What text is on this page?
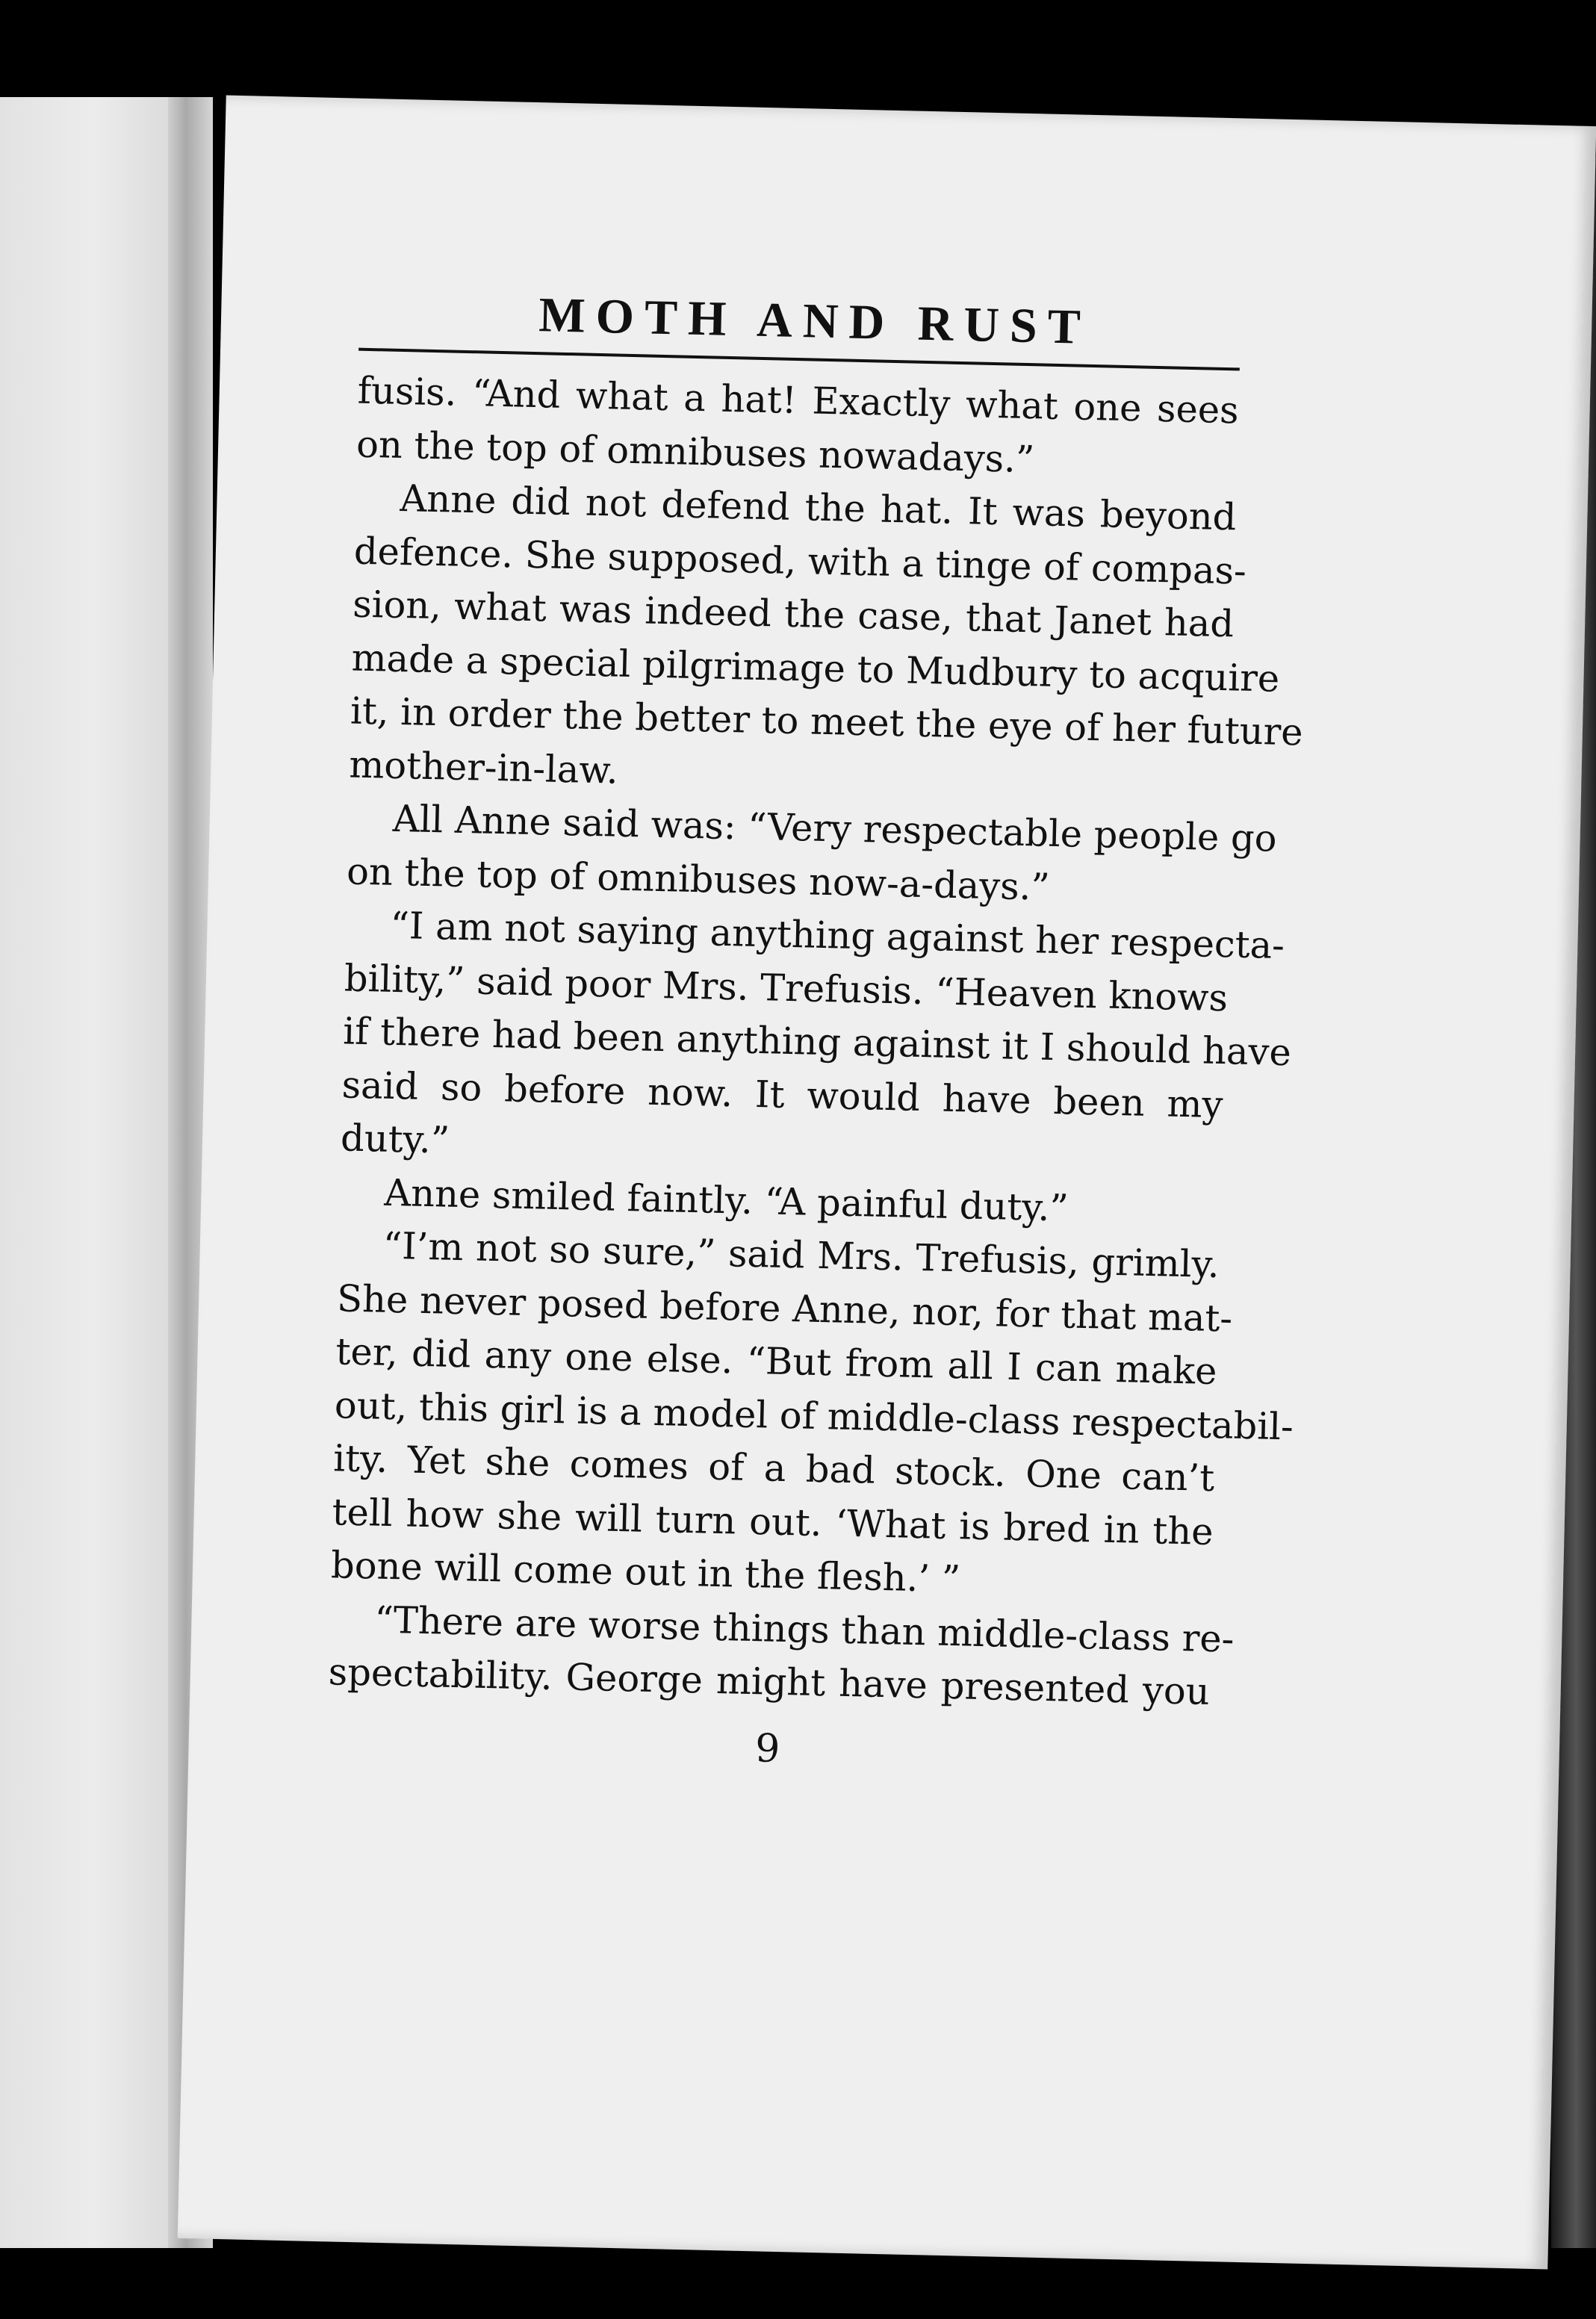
MOTH AND RUST
fusis. “And what a hat! Exactly what one sees
on the top of omnibuses nowadays.”
Anne did not defend the hat. It was beyond
defence. She supposed, with a tinge of compas-
sion, what was indeed the case, that Janet had
made a special pilgrimage to Mudbury to acquire
it, in order the better to meet the eye of her future
mother-in-law.
All Anne said was: “Very respectable people go
on the top of omnibuses now-a-days.”
“I am not saying anything against her respecta-
bility,” said poor Mrs. Trefusis. “Heaven knows
if there had been anything against it I should have
said so before now. It would have been my
duty.”
Anne smiled faintly. “A painful duty.”
“I’m not so sure,” said Mrs. Trefusis, grimly.
She never posed before Anne, nor, for that mat-
ter, did any one else. “But from all I can make
out, this girl is a model of middle-class respectabil-
ity. Yet she comes of a bad stock. One can’t
tell how she will turn out. ‘What is bred in the
bone will come out in the flesh.’ ”
“There are worse things than middle-class re-
spectability. George might have presented you
9
